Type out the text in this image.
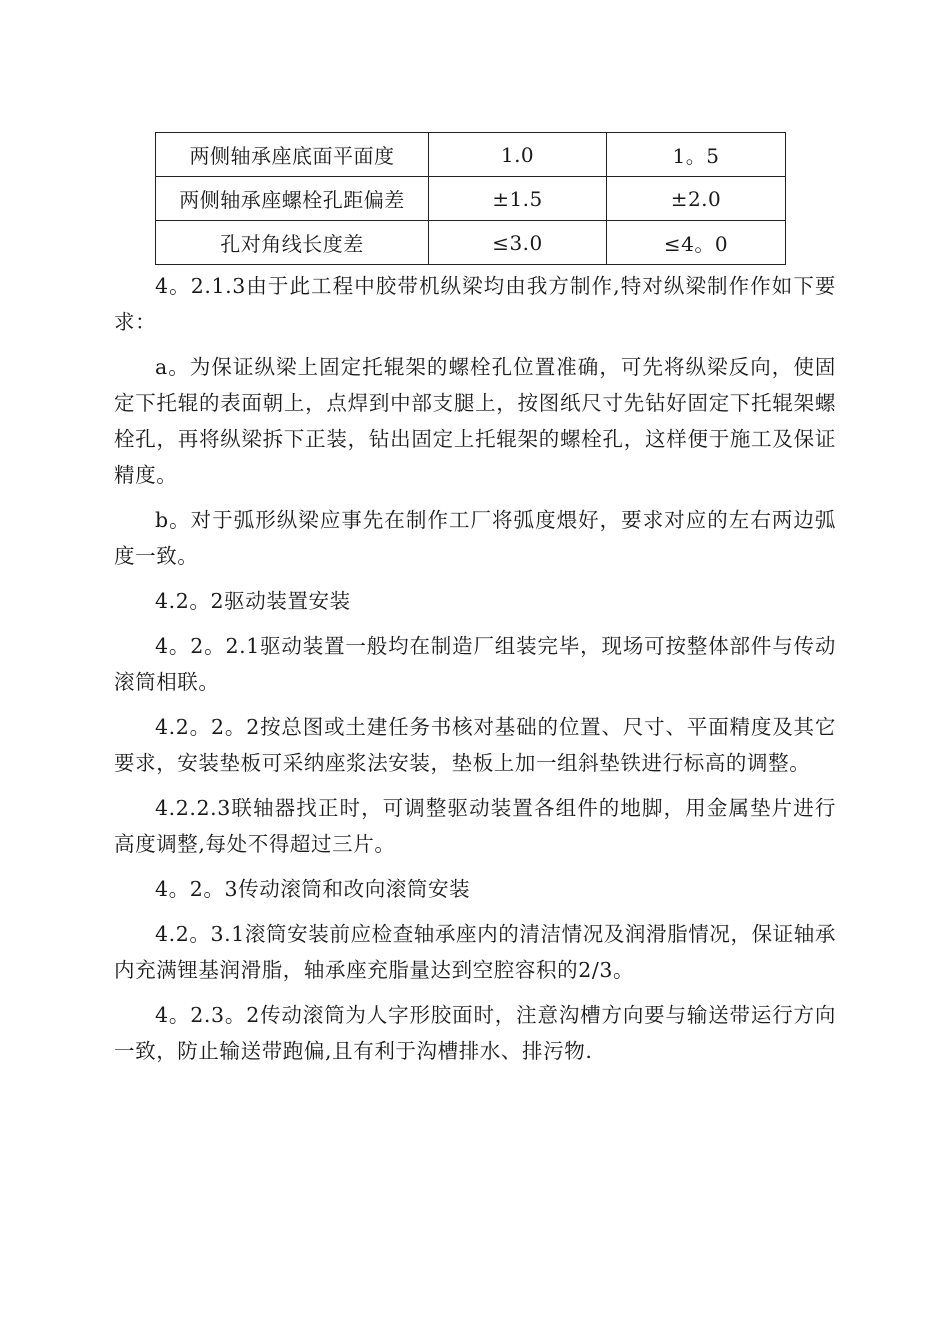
两侧轴承座底面平面度	1.0	1。5
两侧轴承座螺栓孔距偏差	±1.5	±2.0
孔对角线长度差	≤3.0	≤4。0

4。2.1.3由于此工程中胶带机纵梁均由我方制作,特对纵梁制作作如下要求：

a。为保证纵梁上固定托辊架的螺栓孔位置准确，可先将纵梁反向，使固定下托辊的表面朝上，点焊到中部支腿上，按图纸尺寸先钻好固定下托辊架螺栓孔，再将纵梁拆下正装，钻出固定上托辊架的螺栓孔，这样便于施工及保证精度。

b。对于弧形纵梁应事先在制作工厂将弧度煨好，要求对应的左右两边弧度一致。

4.2。2驱动装置安装

4。2。2.1驱动装置一般均在制造厂组装完毕，现场可按整体部件与传动滚筒相联。

4.2。2。2按总图或土建任务书核对基础的位置、尺寸、平面精度及其它要求，安装垫板可采纳座浆法安装，垫板上加一组斜垫铁进行标高的调整。

4.2.2.3联轴器找正时，可调整驱动装置各组件的地脚，用金属垫片进行高度调整,每处不得超过三片。

4。2。3传动滚筒和改向滚筒安装

4.2。3.1滚筒安装前应检查轴承座内的清洁情况及润滑脂情况，保证轴承内充满锂基润滑脂，轴承座充脂量达到空腔容积的2/3。

4。2.3。2传动滚筒为人字形胶面时，注意沟槽方向要与输送带运行方向一致，防止输送带跑偏,且有利于沟槽排水、排污物.
